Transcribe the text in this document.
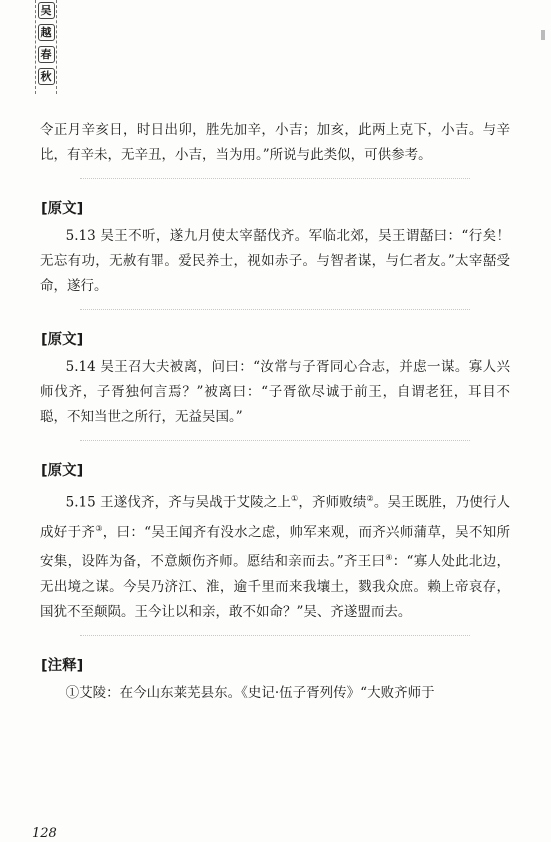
吴
越
春
秋

令正月辛亥日，时日出卯，胜先加辛，小吉；加亥，此两上克下，小吉。与辛比，有辛未，无辛丑，小吉，当为用。”所说与此类似，可供参考。

[原文]

5.13 吴王不听，遂九月使太宰嚭伐齐。军临北郊，吴王谓嚭曰：“行矣！无忘有功，无赦有罪。爱民养士，视如赤子。与智者谋，与仁者友。”太宰嚭受命，遂行。

[原文]

5.14 吴王召大夫被离，问曰：“汝常与子胥同心合志，并虑一谋。寡人兴师伐齐，子胥独何言焉？”被离曰：“子胥欲尽诚于前王，自谓老狂，耳目不聪，不知当世之所行，无益吴国。”

[原文]

5.15 王遂伐齐，齐与吴战于艾陵之上①，齐师败绩②。吴王既胜，乃使行人成好于齐③，曰：“吴王闻齐有没水之虑，帅军来观，而齐兴师蒲草，吴不知所安集，设阵为备，不意颇伤齐师。愿结和亲而去。”齐王曰④：“寡人处此北边，无出境之谋。今吴乃济江、淮，逾千里而来我壤土，戮我众庶。赖上帝哀存，国犹不至颠陨。王今让以和亲，敢不如命？”吴、齐遂盟而去。

[注释]

①艾陵：在今山东莱芜县东。《史记·伍子胥列传》“大败齐师于

128
